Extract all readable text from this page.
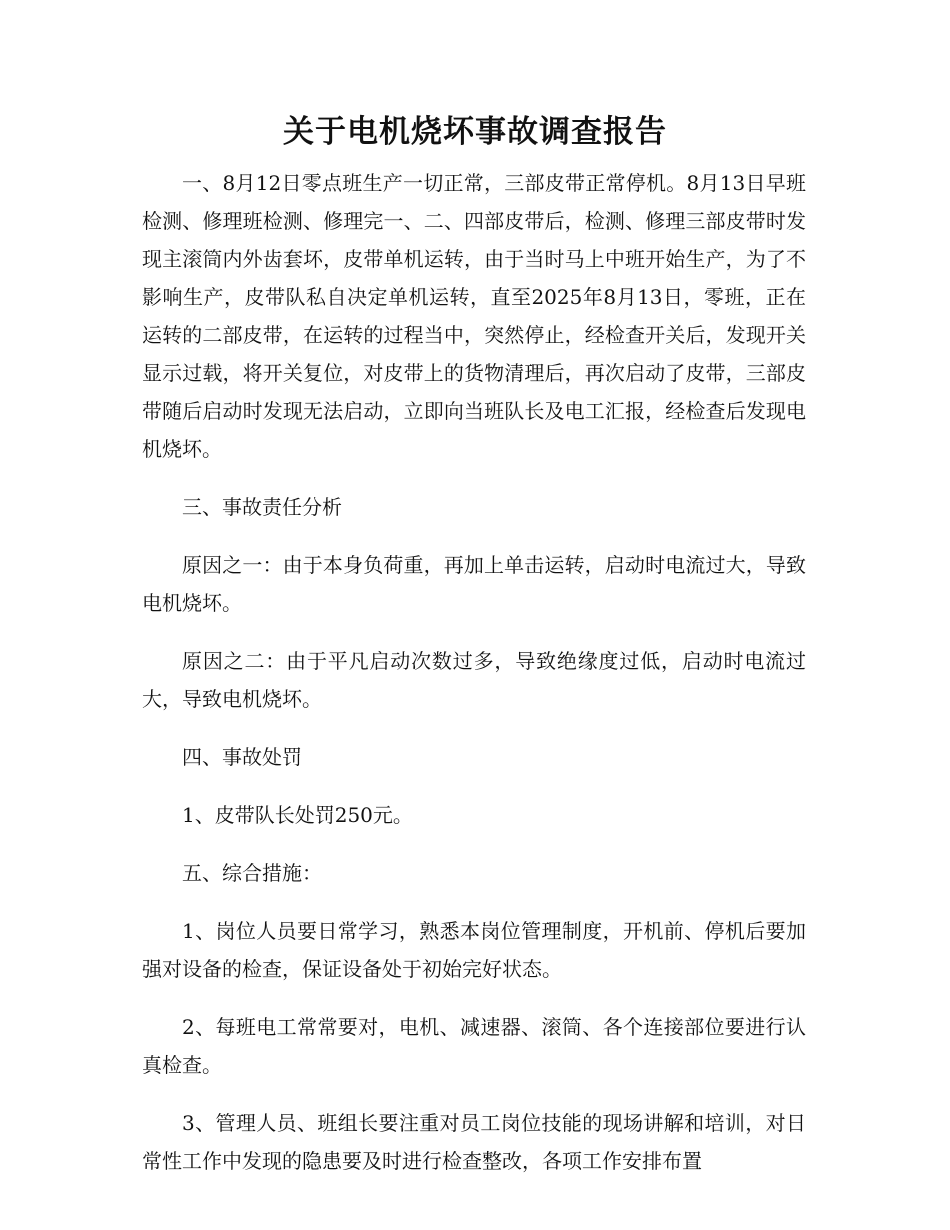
关于电机烧坏事故调查报告

一、8月12日零点班生产一切正常，三部皮带正常停机。8月13日早班检测、修理班检测、修理完一、二、四部皮带后，检测、修理三部皮带时发现主滚筒内外齿套坏，皮带单机运转，由于当时马上中班开始生产，为了不影响生产，皮带队私自决定单机运转，直至2025年8月13日，零班，正在运转的二部皮带，在运转的过程当中，突然停止，经检查开关后，发现开关显示过载，将开关复位，对皮带上的货物清理后，再次启动了皮带，三部皮带随后启动时发现无法启动，立即向当班队长及电工汇报，经检查后发现电机烧坏。

三、事故责任分析

原因之一：由于本身负荷重，再加上单击运转，启动时电流过大，导致电机烧坏。

原因之二：由于平凡启动次数过多，导致绝缘度过低，启动时电流过大，导致电机烧坏。

四、事故处罚

1、皮带队长处罚250元。

五、综合措施：

1、岗位人员要日常学习，熟悉本岗位管理制度，开机前、停机后要加强对设备的检查，保证设备处于初始完好状态。

2、每班电工常常要对，电机、减速器、滚筒、各个连接部位要进行认真检查。

3、管理人员、班组长要注重对员工岗位技能的现场讲解和培训，对日常性工作中发现的隐患要及时进行检查整改，各项工作安排布置
